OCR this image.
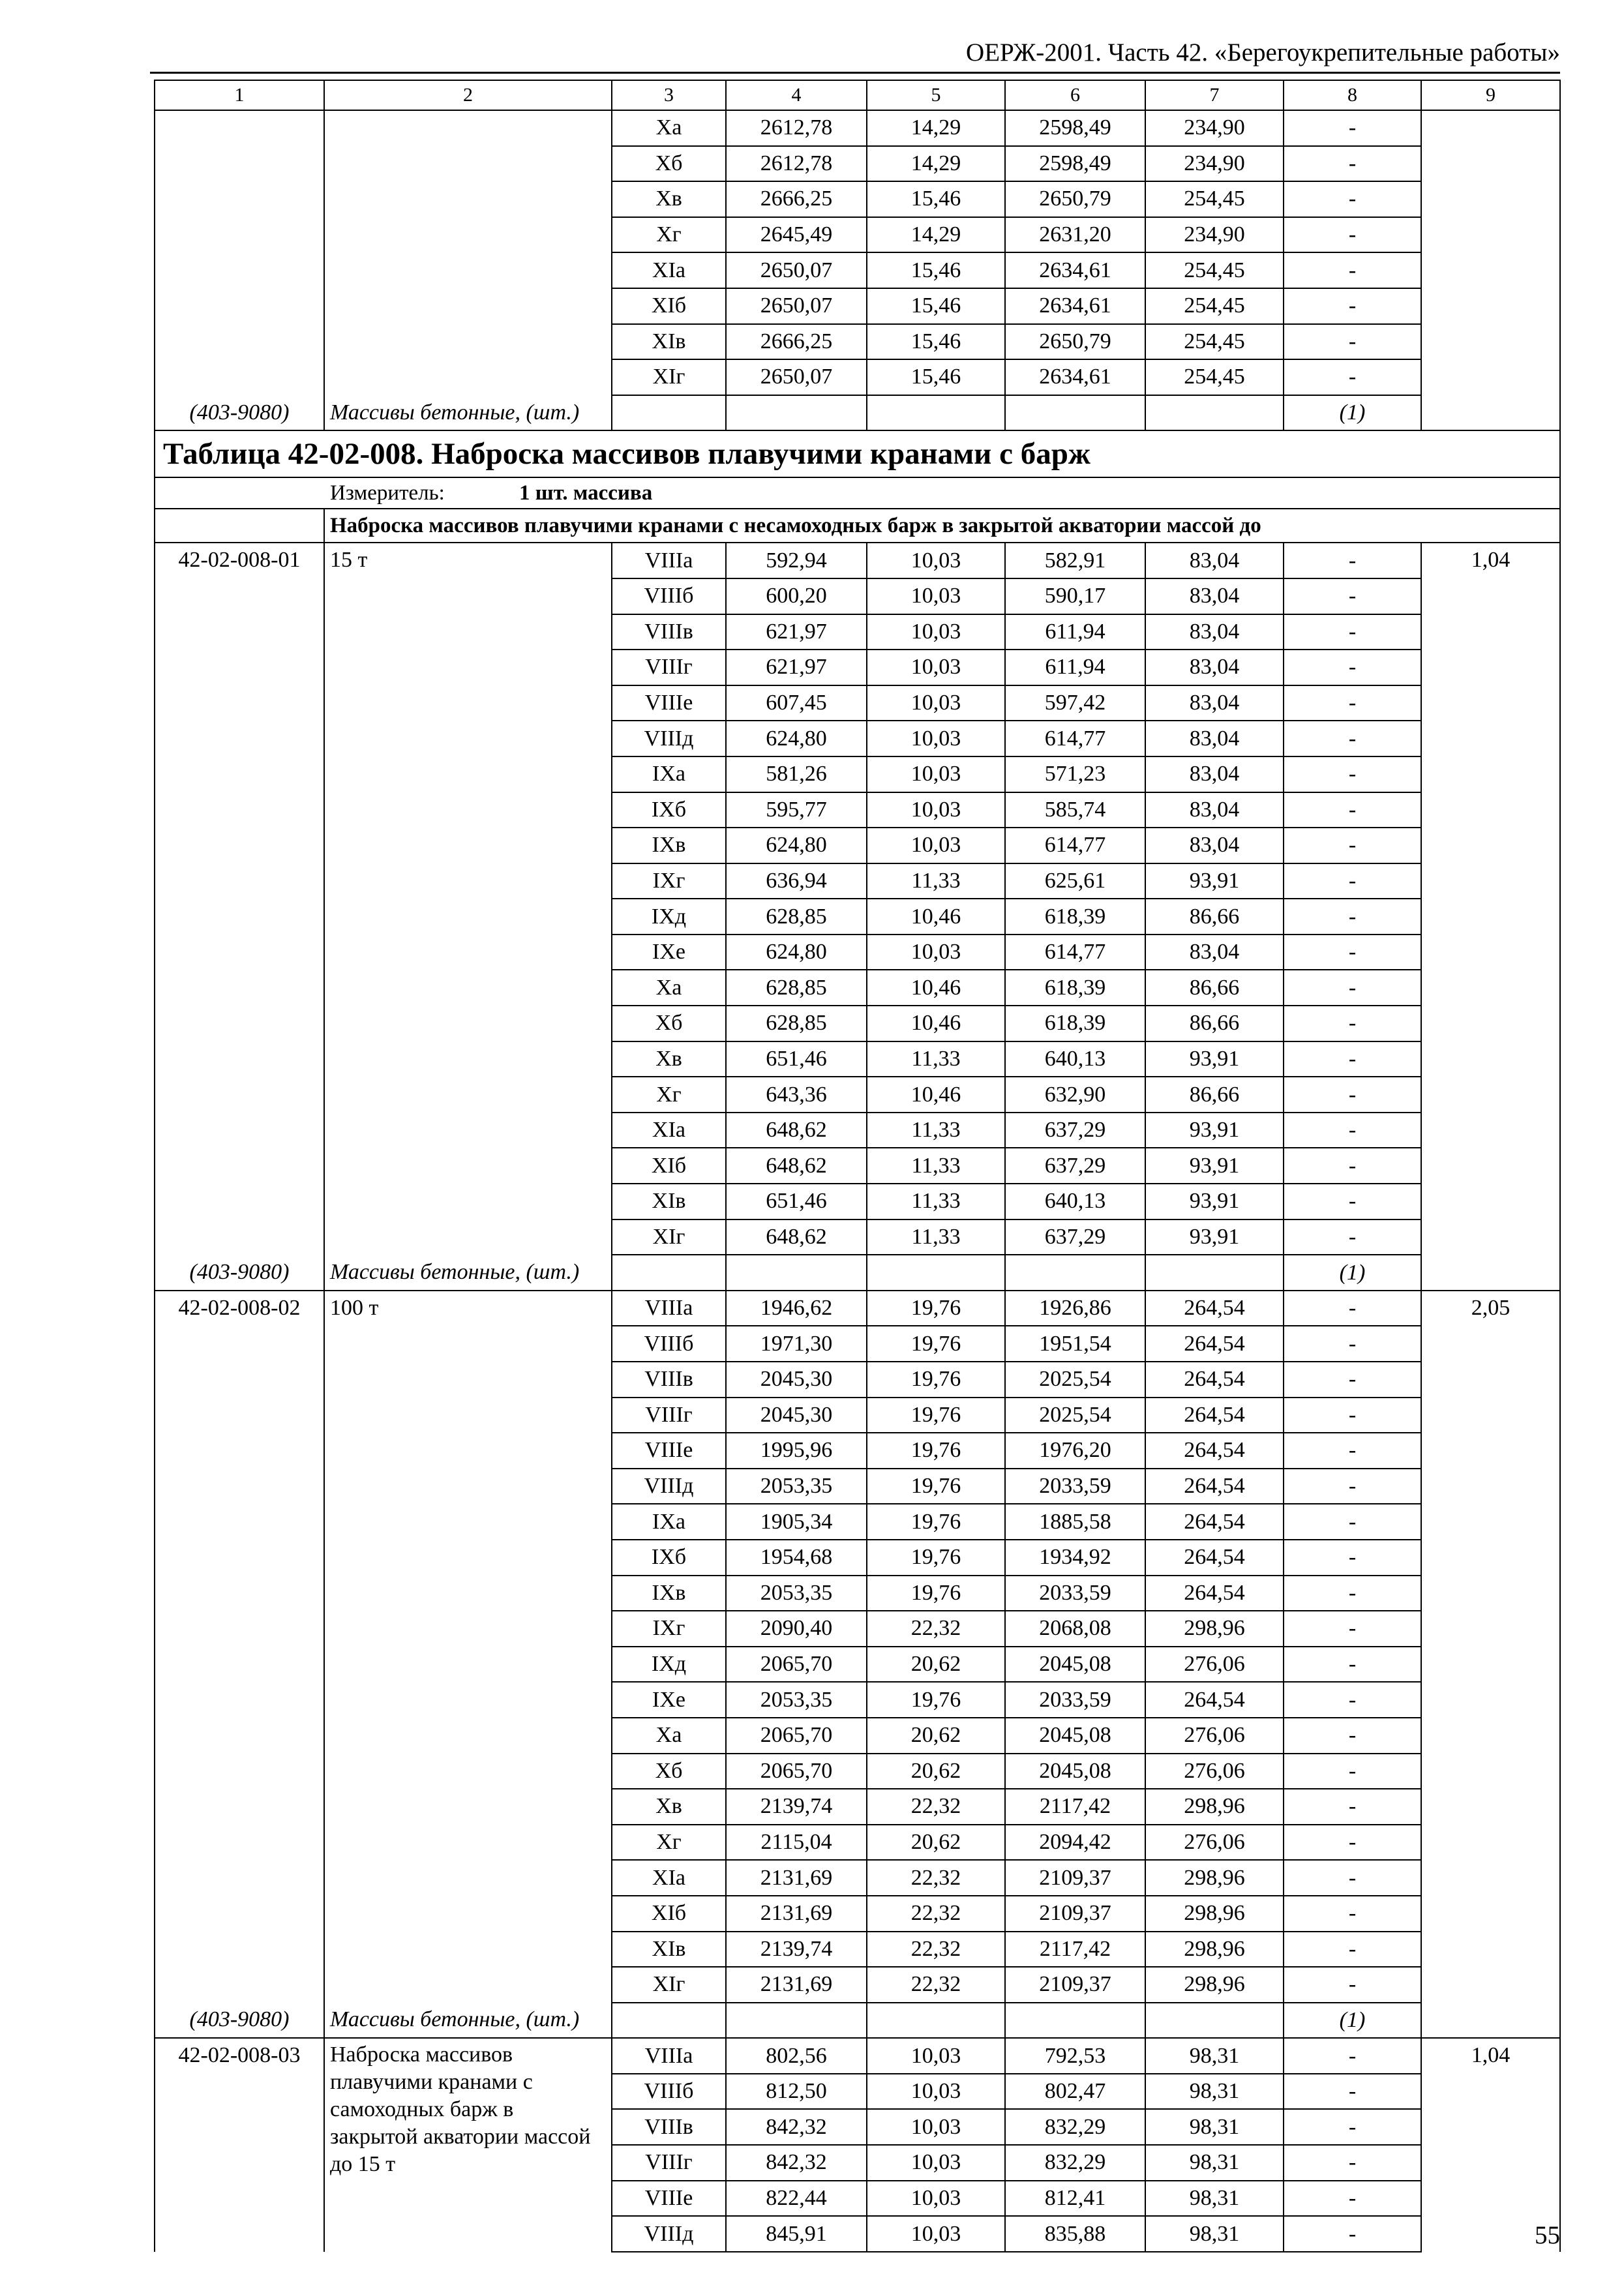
ОЕРЖ-2001. Часть 42. «Берегоукрепительные работы»
1	2	3	4	5	6	7	8	9
		Xа	2612,78	14,29	2598,49	234,90	-	
		Xб	2612,78	14,29	2598,49	234,90	-	
		Xв	2666,25	15,46	2650,79	254,45	-	
		Xг	2645,49	14,29	2631,20	234,90	-	
		XIа	2650,07	15,46	2634,61	254,45	-	
		XIб	2650,07	15,46	2634,61	254,45	-	
		XIв	2666,25	15,46	2650,79	254,45	-	
		XIг	2650,07	15,46	2634,61	254,45	-	
(403-9080)	Массивы бетонные, (шт.)						(1)	
Таблица 42-02-008. Наброска массивов плавучими кранами с барж								
Измеритель: 1 шт. массива								
	Наброска массивов плавучими кранами с несамоходных барж в закрытой акватории массой до							
42-02-008-01	15 т	VIIIа	592,94	10,03	582,91	83,04	-	1,04
		VIIIб	600,20	10,03	590,17	83,04	-	
		VIIIв	621,97	10,03	611,94	83,04	-	
		VIIIг	621,97	10,03	611,94	83,04	-	
		VIIIе	607,45	10,03	597,42	83,04	-	
		VIIIд	624,80	10,03	614,77	83,04	-	
		IXа	581,26	10,03	571,23	83,04	-	
		IXб	595,77	10,03	585,74	83,04	-	
		IXв	624,80	10,03	614,77	83,04	-	
		IXг	636,94	11,33	625,61	93,91	-	
		IXд	628,85	10,46	618,39	86,66	-	
		IXе	624,80	10,03	614,77	83,04	-	
		Xа	628,85	10,46	618,39	86,66	-	
		Xб	628,85	10,46	618,39	86,66	-	
		Xв	651,46	11,33	640,13	93,91	-	
		Xг	643,36	10,46	632,90	86,66	-	
		XIа	648,62	11,33	637,29	93,91	-	
		XIб	648,62	11,33	637,29	93,91	-	
		XIв	651,46	11,33	640,13	93,91	-	
		XIг	648,62	11,33	637,29	93,91	-	
(403-9080)	Массивы бетонные, (шт.)						(1)	
42-02-008-02	100 т	VIIIа	1946,62	19,76	1926,86	264,54	-	2,05
		VIIIб	1971,30	19,76	1951,54	264,54	-	
		VIIIв	2045,30	19,76	2025,54	264,54	-	
		VIIIг	2045,30	19,76	2025,54	264,54	-	
		VIIIе	1995,96	19,76	1976,20	264,54	-	
		VIIIд	2053,35	19,76	2033,59	264,54	-	
		IXа	1905,34	19,76	1885,58	264,54	-	
		IXб	1954,68	19,76	1934,92	264,54	-	
		IXв	2053,35	19,76	2033,59	264,54	-	
		IXг	2090,40	22,32	2068,08	298,96	-	
		IXд	2065,70	20,62	2045,08	276,06	-	
		IXе	2053,35	19,76	2033,59	264,54	-	
		Xа	2065,70	20,62	2045,08	276,06	-	
		Xб	2065,70	20,62	2045,08	276,06	-	
		Xв	2139,74	22,32	2117,42	298,96	-	
		Xг	2115,04	20,62	2094,42	276,06	-	
		XIа	2131,69	22,32	2109,37	298,96	-	
		XIб	2131,69	22,32	2109,37	298,96	-	
		XIв	2139,74	22,32	2117,42	298,96	-	
		XIг	2131,69	22,32	2109,37	298,96	-	
(403-9080)	Массивы бетонные, (шт.)						(1)	
42-02-008-03	Наброска массивов плавучими кранами с самоходных барж в закрытой акватории массой до 15 т	VIIIа	802,56	10,03	792,53	98,31	-	1,04
		VIIIб	812,50	10,03	802,47	98,31	-	
		VIIIв	842,32	10,03	832,29	98,31	-	
		VIIIг	842,32	10,03	832,29	98,31	-	
		VIIIе	822,44	10,03	812,41	98,31	-	
		VIIIд	845,91	10,03	835,88	98,31	-		55
